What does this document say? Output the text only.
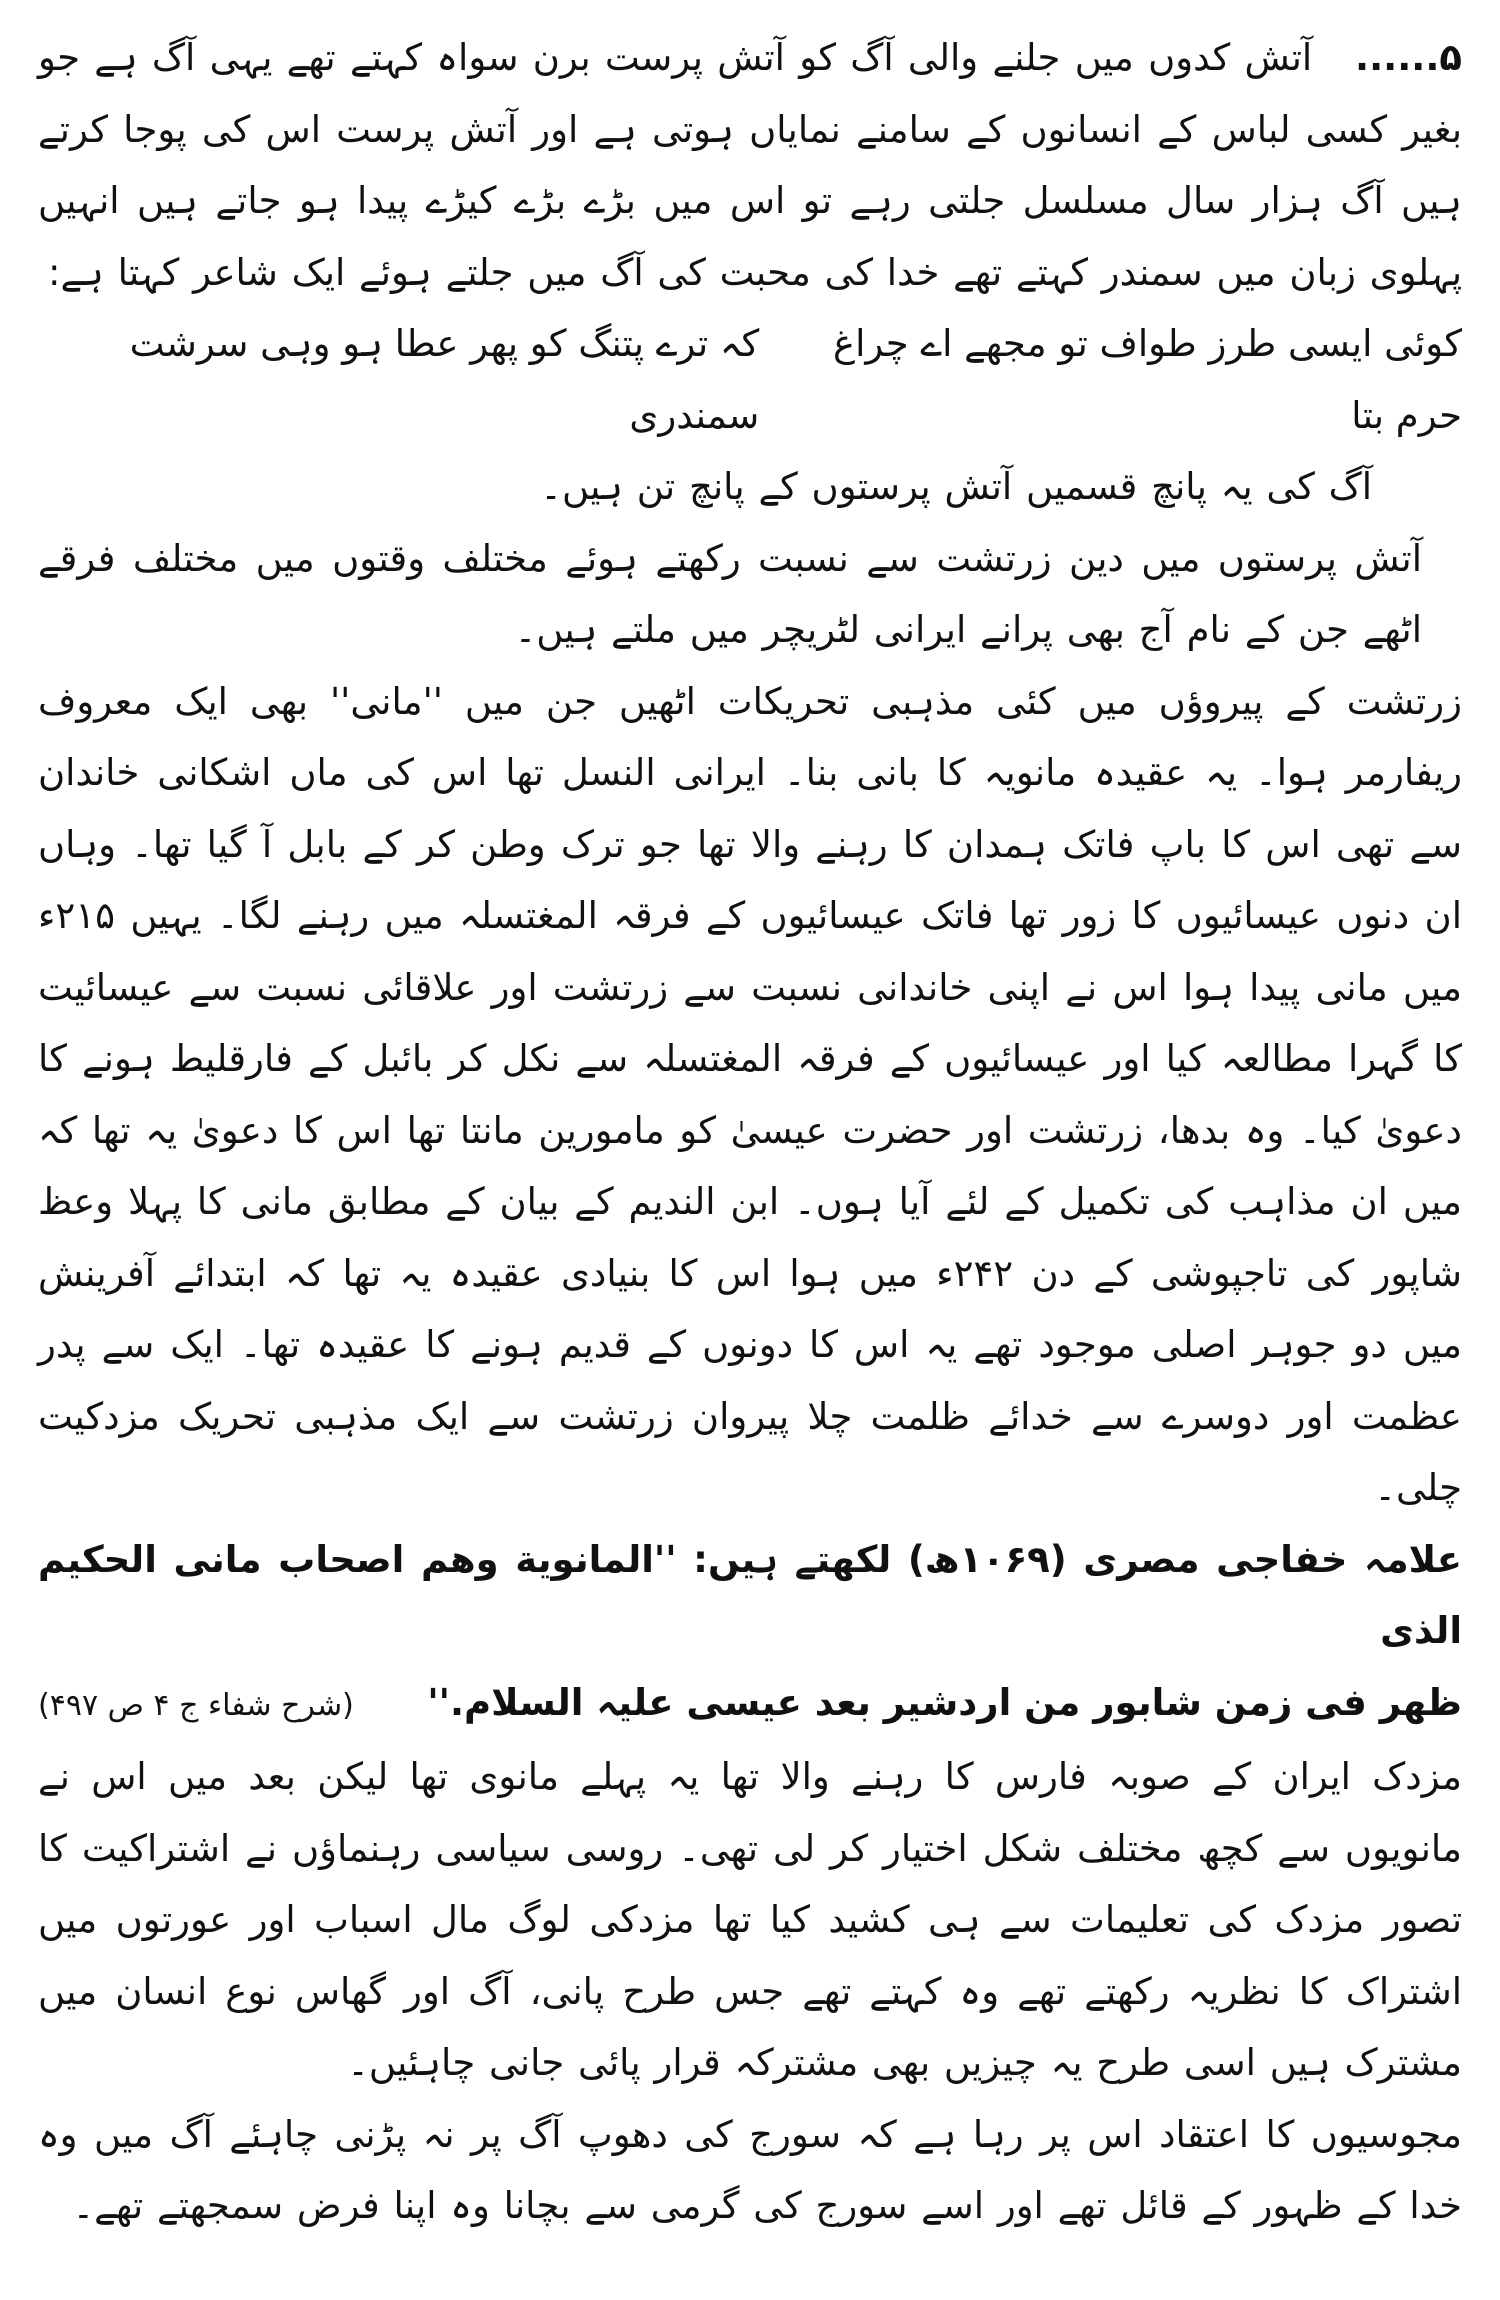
۵......   آتش کدوں میں جلنے والی آگ کو آتش پرست برن سواہ کہتے تھے یہی آگ ہے جو بغیر کسی لباس کے انسانوں کے سامنے نمایاں ہوتی ہے اور آتش پرست اس کی پوجا کرتے ہیں آگ ہزار سال مسلسل جلتی رہے تو اس میں بڑے بڑے کیڑے پیدا ہو جاتے ہیں انہیں پہلوی زبان میں سمندر کہتے تھے خدا کی محبت کی آگ میں جلتے ہوئے ایک شاعر کہتا ہے:

کوئی ایسی طرز طواف تو مجھے اے چراغ حرم بتا
کہ ترے پتنگ کو پھر عطا ہو وہی سرشت سمندری

آگ کی یہ پانچ قسمیں آتش پرستوں کے پانچ تن ہیں۔

آتش پرستوں میں دین زرتشت سے نسبت رکھتے ہوئے مختلف وقتوں میں مختلف فرقے اٹھے جن کے نام آج بھی پرانے ایرانی لٹریچر میں ملتے ہیں۔

زرتشت کے پیروؤں میں کئی مذہبی تحریکات اٹھیں جن میں ''مانی'' بھی ایک معروف ریفارمر ہوا۔ یہ عقیدہ مانویہ کا بانی بنا۔ ایرانی النسل تھا اس کی ماں اشکانی خاندان سے تھی اس کا باپ فاتک ہمدان کا رہنے والا تھا جو ترک وطن کر کے بابل آ گیا تھا۔ وہاں ان دنوں عیسائیوں کا زور تھا فاتک عیسائیوں کے فرقہ المغتسلہ میں رہنے لگا۔ یہیں ۲۱۵ء میں مانی پیدا ہوا اس نے اپنی خاندانی نسبت سے زرتشت اور علاقائی نسبت سے عیسائیت کا گہرا مطالعہ کیا اور عیسائیوں کے فرقہ المغتسلہ سے نکل کر بائبل کے فارقلیط ہونے کا دعویٰ کیا۔ وہ بدھا، زرتشت اور حضرت عیسیٰ کو مامورین مانتا تھا اس کا دعویٰ یہ تھا کہ میں ان مذاہب کی تکمیل کے لئے آیا ہوں۔ ابن الندیم کے بیان کے مطابق مانی کا پہلا وعظ شاپور کی تاجپوشی کے دن ۲۴۲ء میں ہوا اس کا بنیادی عقیدہ یہ تھا کہ ابتدائے آفرینش میں دو جوہر اصلی موجود تھے یہ اس کا دونوں کے قدیم ہونے کا عقیدہ تھا۔ ایک سے پدر عظمت اور دوسرے سے خدائے ظلمت چلا پیروان زرتشت سے ایک مذہبی تحریک مزدکیت چلی۔

علامہ خفاجی مصری (۱۰۶۹ھ) لکھتے ہیں: ''المانویة وهم اصحاب مانی الحکیم الذی

ظهر فی زمن شابور من اردشیر بعد عیسی علیہ السلام.''
(شرح شفاء ج ۴ ص ۴۹۷)

مزدک ایران کے صوبہ فارس کا رہنے والا تھا یہ پہلے مانوی تھا لیکن بعد میں اس نے مانویوں سے کچھ مختلف شکل اختیار کر لی تھی۔ روسی سیاسی رہنماؤں نے اشتراکیت کا تصور مزدک کی تعلیمات سے ہی کشید کیا تھا مزدکی لوگ مال اسباب اور عورتوں میں اشتراک کا نظریہ رکھتے تھے وہ کہتے تھے جس طرح پانی، آگ اور گھاس نوع انسان میں مشترک ہیں اسی طرح یہ چیزیں بھی مشترکہ قرار پائی جانی چاہئیں۔

مجوسیوں کا اعتقاد اس پر رہا ہے کہ سورج کی دھوپ آگ پر نہ پڑنی چاہئے آگ میں وہ خدا کے ظہور کے قائل تھے اور اسے سورج کی گرمی سے بچانا وہ اپنا فرض سمجھتے تھے۔
